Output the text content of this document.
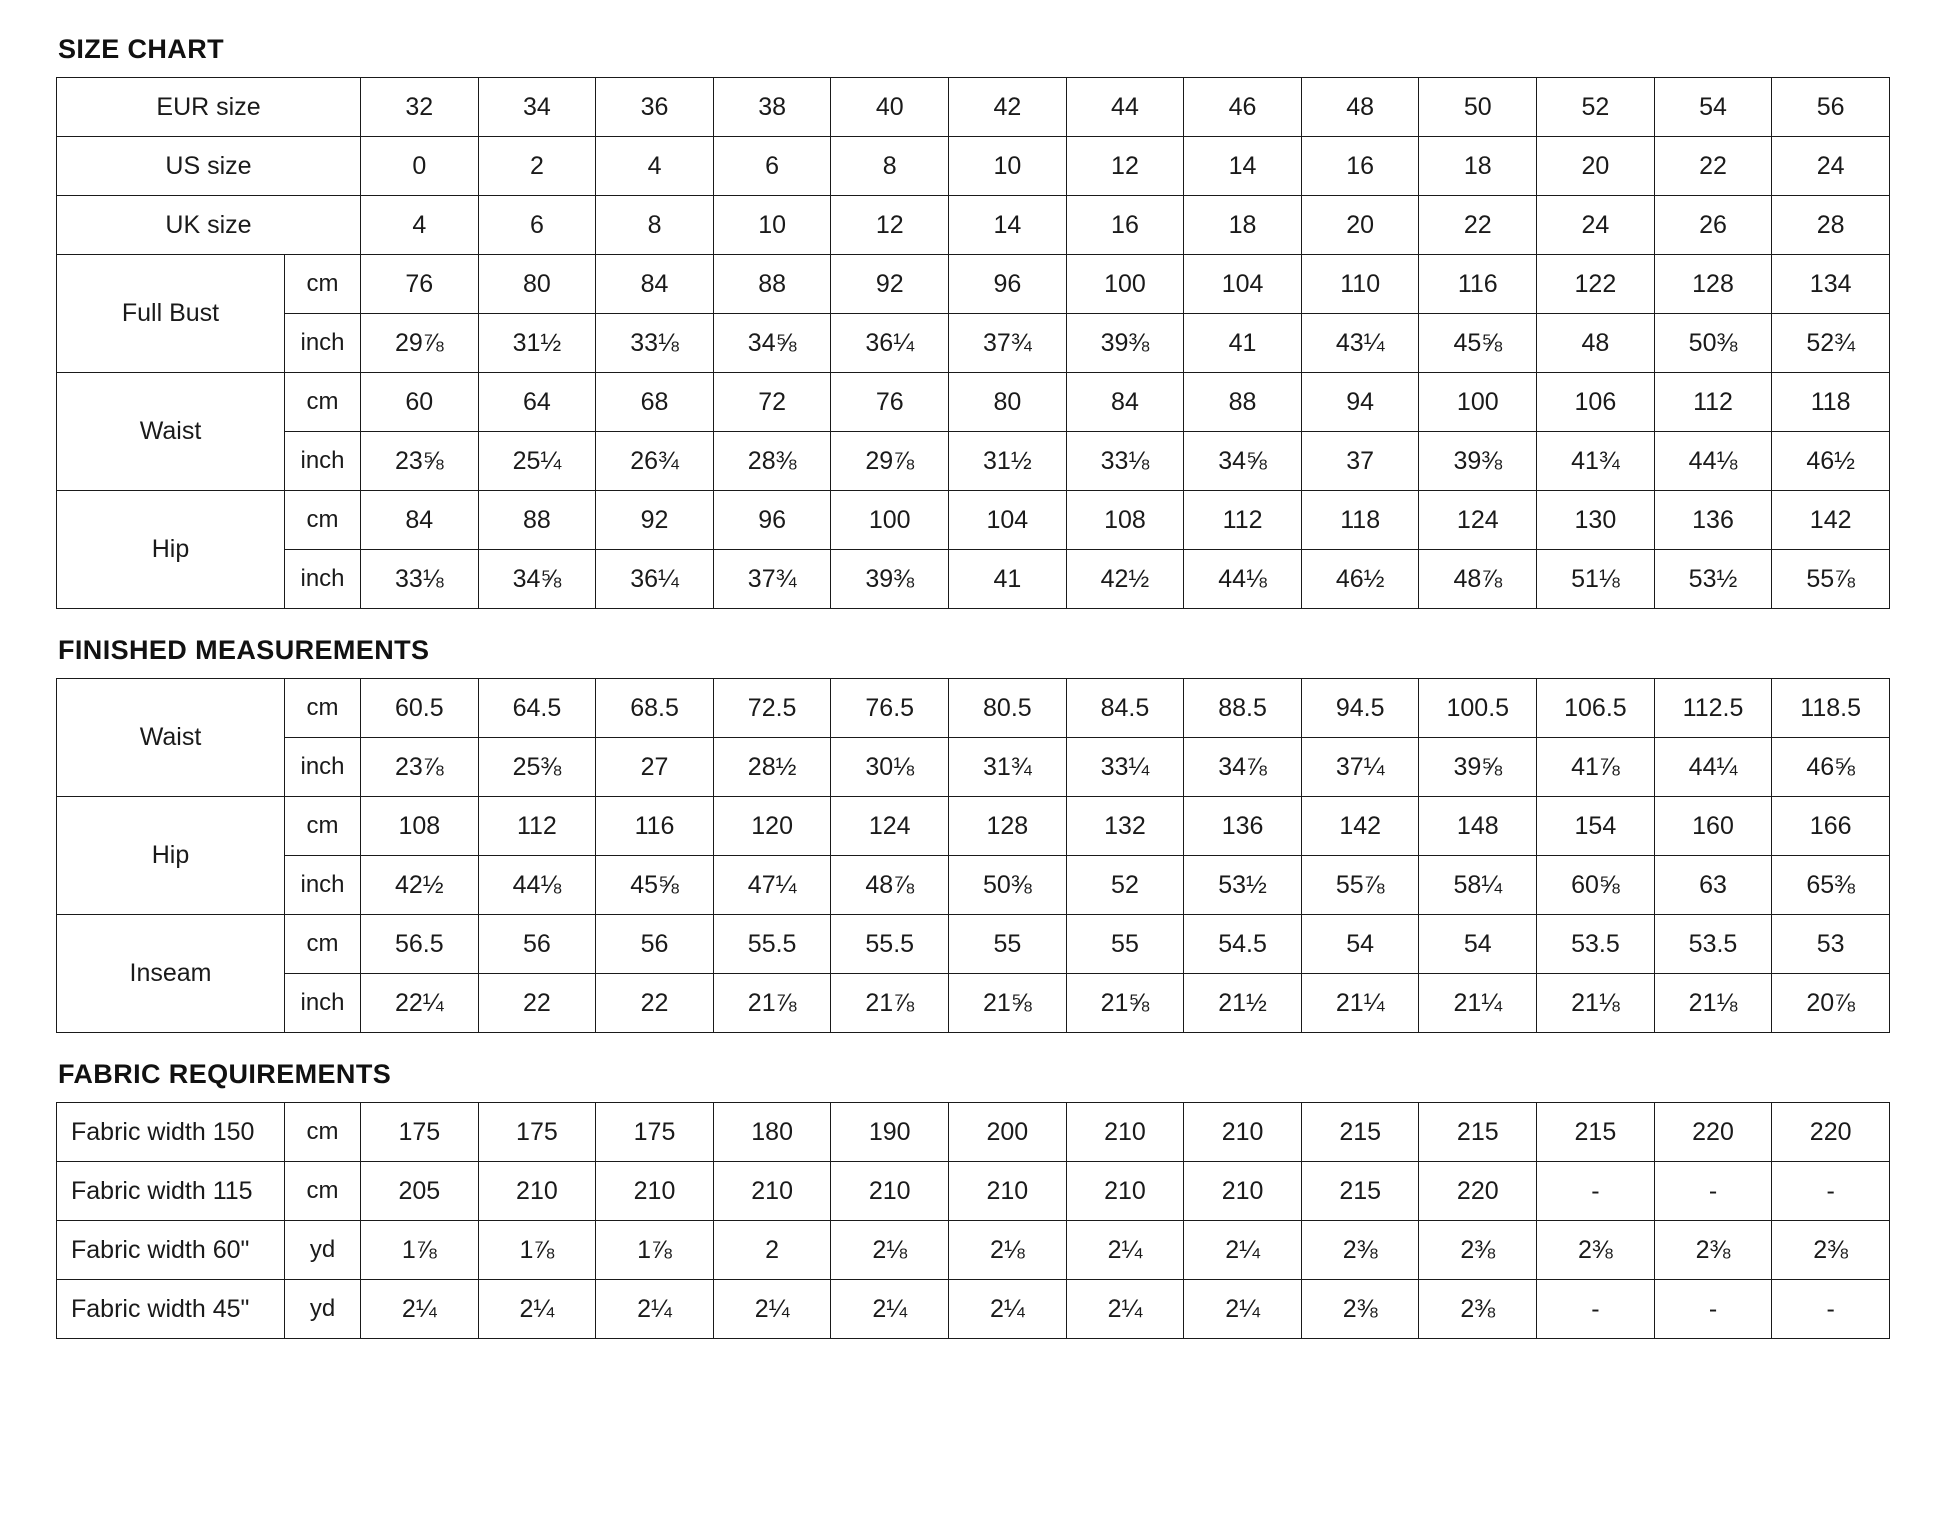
SIZE CHART
EUR size		32	34	36	38	40	42	44	46	48	50	52	54	56
US size		0	2	4	6	8	10	12	14	16	18	20	22	24
UK size		4	6	8	10	12	14	16	18	20	22	24	26	28
Full Bust	cm	76	80	84	88	92	96	100	104	110	116	122	128	134
	inch	29⅞	31½	33⅛	34⅝	36¼	37¾	39⅜	41	43¼	45⅝	48	50⅜	52¾
Waist	cm	60	64	68	72	76	80	84	88	94	100	106	112	118
	inch	23⅝	25¼	26¾	28⅜	29⅞	31½	33⅛	34⅝	37	39⅜	41¾	44⅛	46½
Hip	cm	84	88	92	96	100	104	108	112	118	124	130	136	142
	inch	33⅛	34⅝	36¼	37¾	39⅜	41	42½	44⅛	46½	48⅞	51⅛	53½	55⅞
FINISHED MEASUREMENTS
Waist	cm	60.5	64.5	68.5	72.5	76.5	80.5	84.5	88.5	94.5	100.5	106.5	112.5	118.5
	inch	23⅞	25⅜	27	28½	30⅛	31¾	33¼	34⅞	37¼	39⅝	41⅞	44¼	46⅝
Hip	cm	108	112	116	120	124	128	132	136	142	148	154	160	166
	inch	42½	44⅛	45⅝	47¼	48⅞	50⅜	52	53½	55⅞	58¼	60⅝	63	65⅜
Inseam	cm	56.5	56	56	55.5	55.5	55	55	54.5	54	54	53.5	53.5	53
	inch	22¼	22	22	21⅞	21⅞	21⅝	21⅝	21½	21¼	21¼	21⅛	21⅛	20⅞
FABRIC REQUIREMENTS
Fabric width 150	cm	175	175	175	180	190	200	210	210	215	215	215	220	220
Fabric width 115	cm	205	210	210	210	210	210	210	210	215	220	-	-	-
Fabric width 60"	yd	1⅞	1⅞	1⅞	2	2⅛	2⅛	2¼	2¼	2⅜	2⅜	2⅜	2⅜	2⅜
Fabric width 45"	yd	2¼	2¼	2¼	2¼	2¼	2¼	2¼	2¼	2⅜	2⅜	-	-	-
